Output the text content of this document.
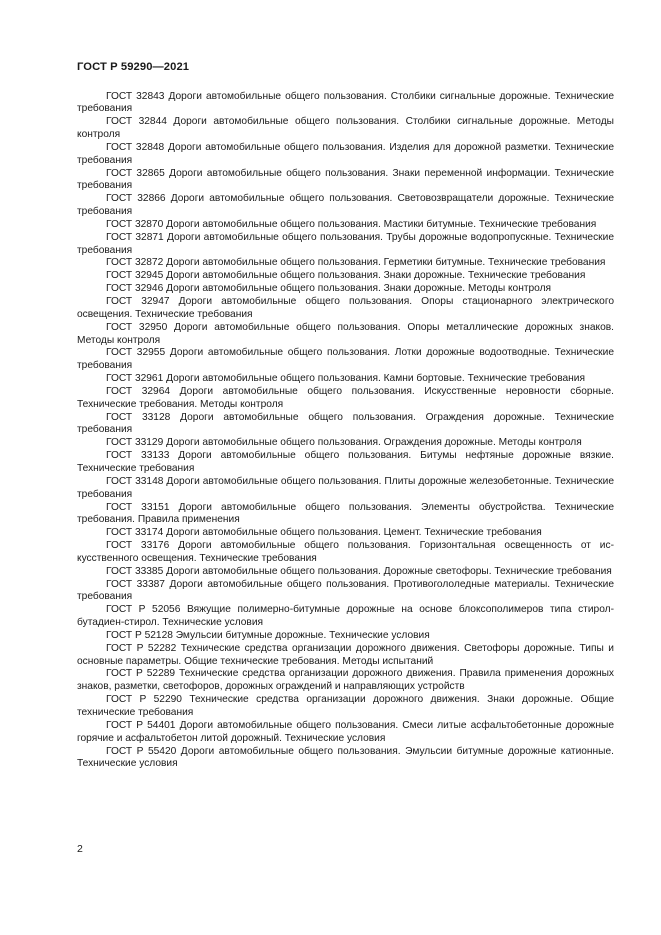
ГОСТ Р 59290—2021

ГОСТ 32843 Дороги автомобильные общего пользования. Столбики сигнальные дорожные. Технические требования

ГОСТ 32844 Дороги автомобильные общего пользования. Столбики сигнальные дорожные. Методы контроля

ГОСТ 32848 Дороги автомобильные общего пользования. Изделия для дорожной разметки. Технические требования

ГОСТ 32865 Дороги автомобильные общего пользования. Знаки переменной информации. Технические требования

ГОСТ 32866 Дороги автомобильные общего пользования. Световозвращатели дорожные. Технические требования

ГОСТ 32870 Дороги автомобильные общего пользования. Мастики битумные. Технические требования

ГОСТ 32871 Дороги автомобильные общего пользования. Трубы дорожные водопропускные. Технические требования

ГОСТ 32872 Дороги автомобильные общего пользования. Герметики битумные. Технические требования

ГОСТ 32945 Дороги автомобильные общего пользования. Знаки дорожные. Технические требования

ГОСТ 32946 Дороги автомобильные общего пользования. Знаки дорожные. Методы контроля

ГОСТ 32947 Дороги автомобильные общего пользования. Опоры стационарного электрического освещения. Технические требования

ГОСТ 32950 Дороги автомобильные общего пользования. Опоры металлические дорожных знаков. Методы контроля

ГОСТ 32955 Дороги автомобильные общего пользования. Лотки дорожные водоотводные. Технические требования

ГОСТ 32961 Дороги автомобильные общего пользования. Камни бортовые. Технические требования

ГОСТ 32964 Дороги автомобильные общего пользования. Искусственные неровности сборные. Технические требования. Методы контроля

ГОСТ 33128 Дороги автомобильные общего пользования. Ограждения дорожные. Технические требования

ГОСТ 33129 Дороги автомобильные общего пользования. Ограждения дорожные. Методы контроля

ГОСТ 33133 Дороги автомобильные общего пользования. Битумы нефтяные дорожные вязкие. Технические требования

ГОСТ 33148 Дороги автомобильные общего пользования. Плиты дорожные железобетонные. Технические требования

ГОСТ 33151 Дороги автомобильные общего пользования. Элементы обустройства. Технические требования. Правила применения

ГОСТ 33174 Дороги автомобильные общего пользования. Цемент. Технические требования

ГОСТ 33176 Дороги автомобильные общего пользования. Горизонтальная освещенность от искусственного освещения. Технические требования

ГОСТ 33385 Дороги автомобильные общего пользования. Дорожные светофоры. Технические требования

ГОСТ 33387 Дороги автомобильные общего пользования. Противогололедные материалы. Технические требования

ГОСТ Р 52056 Вяжущие полимерно-битумные дорожные на основе блоксополимеров типа стиролбутадиен-стирол. Технические условия

ГОСТ Р 52128 Эмульсии битумные дорожные. Технические условия

ГОСТ Р 52282 Технические средства организации дорожного движения. Светофоры дорожные. Типы и основные параметры. Общие технические требования. Методы испытаний

ГОСТ Р 52289 Технические средства организации дорожного движения. Правила применения дорожных знаков, разметки, светофоров, дорожных ограждений и направляющих устройств

ГОСТ Р 52290 Технические средства организации дорожного движения. Знаки дорожные. Общие технические требования

ГОСТ Р 54401 Дороги автомобильные общего пользования. Смеси литые асфальтобетонные дорожные горячие и асфальтобетон литой дорожный. Технические условия

ГОСТ Р 55420 Дороги автомобильные общего пользования. Эмульсии битумные дорожные катионные. Технические условия

2
